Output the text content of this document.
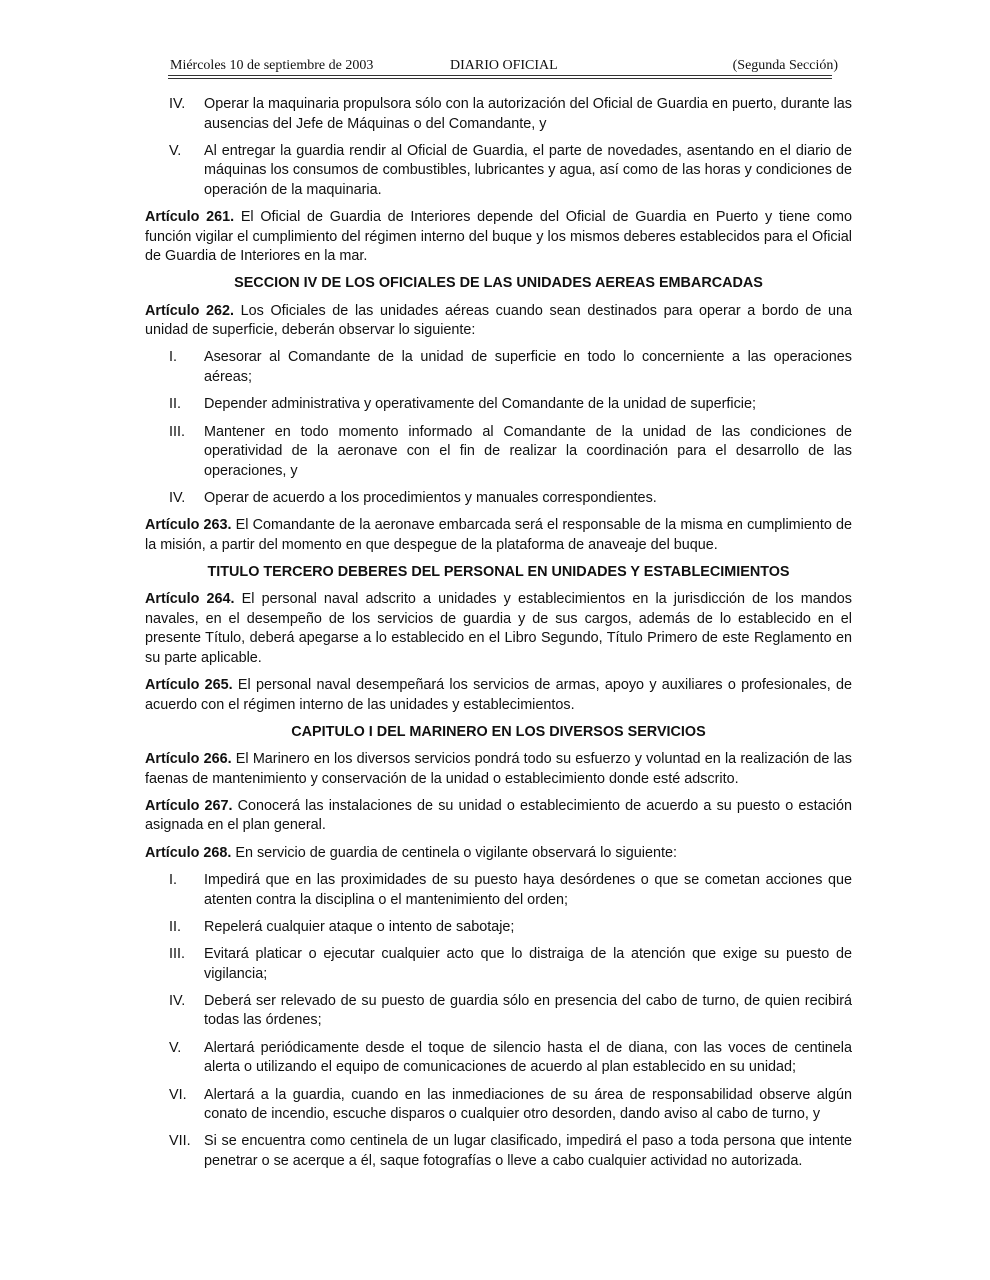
Miércoles 10 de septiembre de 2003	DIARIO OFICIAL	(Segunda Sección)
IV.	Operar la maquinaria propulsora sólo con la autorización del Oficial de Guardia en puerto, durante las ausencias del Jefe de Máquinas o del Comandante, y
V.	Al entregar la guardia rendir al Oficial de Guardia, el parte de novedades, asentando en el diario de máquinas los consumos de combustibles, lubricantes y agua, así como de las horas y condiciones de operación de la maquinaria.

Artículo 261. El Oficial de Guardia de Interiores depende del Oficial de Guardia en Puerto y tiene como función vigilar el cumplimiento del régimen interno del buque y los mismos deberes establecidos para el Oficial de Guardia de Interiores en la mar.

SECCION IV DE LOS OFICIALES DE LAS UNIDADES AEREAS EMBARCADAS

Artículo 262. Los Oficiales de las unidades aéreas cuando sean destinados para operar a bordo de una unidad de superficie, deberán observar lo siguiente:

I.	Asesorar al Comandante de la unidad de superficie en todo lo concerniente a las operaciones aéreas;
II.	Depender administrativa y operativamente del Comandante de la unidad de superficie;
III.	Mantener en todo momento informado al Comandante de la unidad de las condiciones de operatividad de la aeronave con el fin de realizar la coordinación para el desarrollo de las operaciones, y
IV.	Operar de acuerdo a los procedimientos y manuales correspondientes.

Artículo 263. El Comandante de la aeronave embarcada será el responsable de la misma en cumplimiento de la misión, a partir del momento en que despegue de la plataforma de anaveaje del buque.

TITULO TERCERO DEBERES DEL PERSONAL EN UNIDADES Y ESTABLECIMIENTOS

Artículo 264. El personal naval adscrito a unidades y establecimientos en la jurisdicción de los mandos navales, en el desempeño de los servicios de guardia y de sus cargos, además de lo establecido en el presente Título, deberá apegarse a lo establecido en el Libro Segundo, Título Primero de este Reglamento en su parte aplicable.

Artículo 265. El personal naval desempeñará los servicios de armas, apoyo y auxiliares o profesionales, de acuerdo con el régimen interno de las unidades y establecimientos.

CAPITULO I DEL MARINERO EN LOS DIVERSOS SERVICIOS

Artículo 266. El Marinero en los diversos servicios pondrá todo su esfuerzo y voluntad en la realización de las faenas de mantenimiento y conservación de la unidad o establecimiento donde esté adscrito.

Artículo 267. Conocerá las instalaciones de su unidad o establecimiento de acuerdo a su puesto o estación asignada en el plan general.

Artículo 268. En servicio de guardia de centinela o vigilante observará lo siguiente:

I.	Impedirá que en las proximidades de su puesto haya desórdenes o que se cometan acciones que atenten contra la disciplina o el mantenimiento del orden;
II.	Repelerá cualquier ataque o intento de sabotaje;
III.	Evitará platicar o ejecutar cualquier acto que lo distraiga de la atención que exige su puesto de vigilancia;
IV.	Deberá ser relevado de su puesto de guardia sólo en presencia del cabo de turno, de quien recibirá todas las órdenes;
V.	Alertará periódicamente desde el toque de silencio hasta el de diana, con las voces de centinela alerta o utilizando el equipo de comunicaciones de acuerdo al plan establecido en su unidad;
VI.	Alertará a la guardia, cuando en las inmediaciones de su área de responsabilidad observe algún conato de incendio, escuche disparos o cualquier otro desorden, dando aviso al cabo de turno, y
VII. Si se encuentra como centinela de un lugar clasificado, impedirá el paso a toda persona que intente penetrar o se acerque a él, saque fotografías o lleve a cabo cualquier actividad no autorizada.
